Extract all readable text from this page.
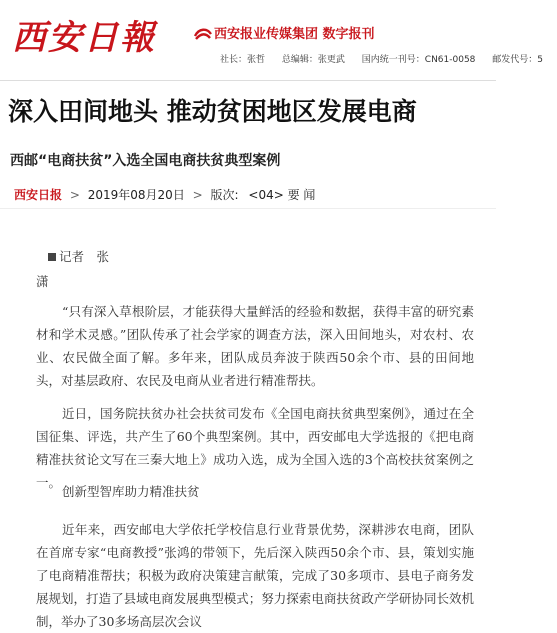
西安日報	西安报业传媒集团 数字报刊
社长：张哲 总编辑：张更武 国内统一刊号：CN61-0058 邮发代号：5
深入田间地头 推动贫困地区发展电商
西邮“电商扶贫”入选全国电商扶贫典型案例
西安日报 > 2019年08月20日 > 版次: <04> 要 闻
记者　张
潇

“只有深入草根阶层，才能获得大量鲜活的经验和数据，获得丰富的研究素材和学术灵感。”团队传承了社会学家的调查方法，深入田间地头，对农村、农业、农民做全面了解。多年来，团队成员奔波于陕西50余个市、县的田间地头，对基层政府、农民及电商从业者进行精准帮扶。

近日，国务院扶贫办社会扶贫司发布《全国电商扶贫典型案例》，通过在全国征集、评选，共产生了60个典型案例。其中，西安邮电大学选报的《把电商精准扶贫论文写在三秦大地上》成功入选，成为全国入选的3个高校扶贫案例之一。

创新型智库助力精准扶贫

近年来，西安邮电大学依托学校信息行业背景优势，深耕涉农电商，团队在首席专家“电商教授”张鸿的带领下，先后深入陕西50余个市、县，策划实施了电商精准帮扶；积极为政府决策建言献策，完成了30多项市、县电子商务发展规划，打造了县域电商发展典型模式；努力探索电商扶贫政产学研协同长效机制，举办了30多场高层次会议
